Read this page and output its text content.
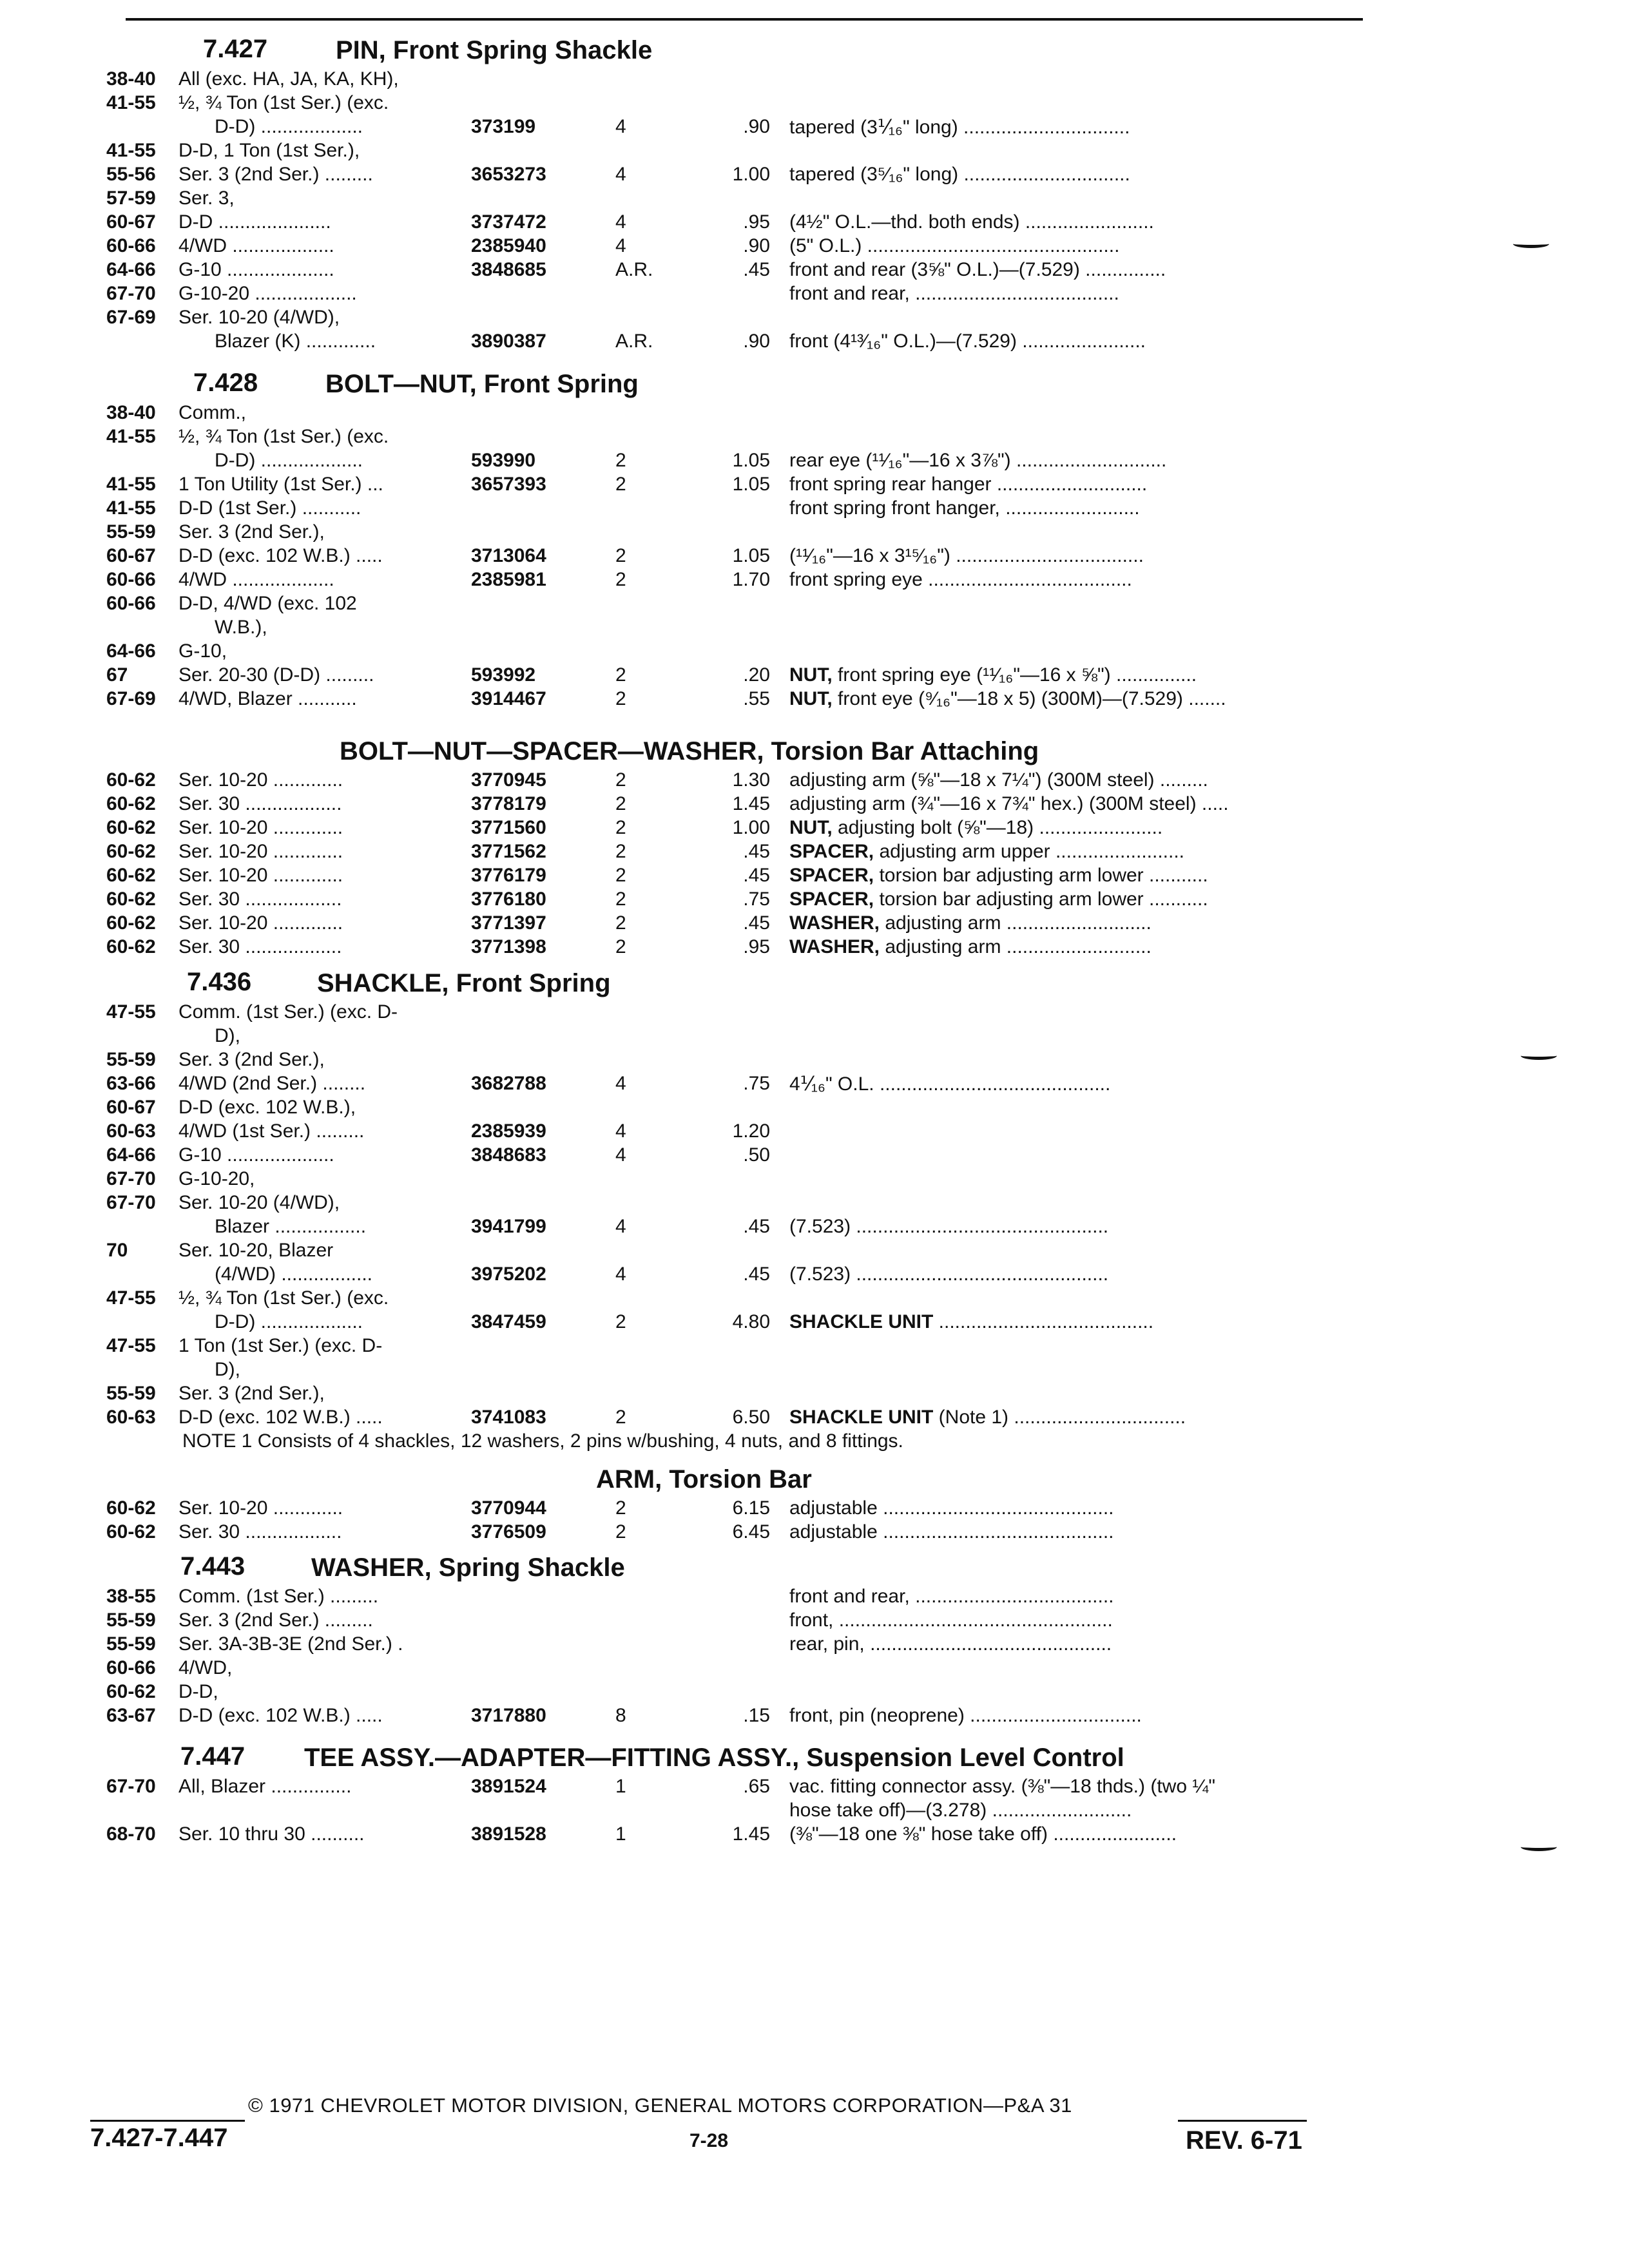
7.427	PIN, Front Spring Shackle
38-40 All (exc. HA, JA, KA, KH),
41-55 ½, ¾ Ton (1st Ser.) (exc.
D-D) ...................	373199	4	.90 tapered (3⅟₁₆" long) ...............................
41-55 D-D, 1 Ton (1st Ser.),
55-56 Ser. 3 (2nd Ser.) .........	3653273	4	1.00 tapered (3⁵⁄₁₆" long) ...............................
57-59 Ser. 3,
60-67 D-D .....................	3737472	4	.95 (4½" O.L.—thd. both ends) ........................
60-66 4/WD ...................	2385940	4	.90 (5" O.L.) ...............................................
64-66 G-10 ....................	3848685	A.R.	.45 front and rear (3⅝" O.L.)—(7.529) ...............
67-70 G-10-20 ...................	front and rear, ......................................
67-69 Ser. 10-20 (4/WD),
Blazer (K) .............	3890387	A.R.	.90 front (4¹³⁄₁₆" O.L.)—(7.529) .......................
7.428	BOLT—NUT, Front Spring
38-40 Comm.,
41-55 ½, ¾ Ton (1st Ser.) (exc.
D-D) ...................	593990	2	1.05 rear eye (¹¹⁄₁₆"—16 x 3⅞") ............................
41-55 1 Ton Utility (1st Ser.) ...	3657393	2	1.05 front spring rear hanger ............................
41-55 D-D (1st Ser.) ...........	front spring front hanger, .........................
55-59 Ser. 3 (2nd Ser.),
60-67 D-D (exc. 102 W.B.) .....	3713064	2	1.05 (¹¹⁄₁₆"—16 x 3¹⁵⁄₁₆") ...................................
60-66 4/WD ...................	2385981	2	1.70 front spring eye ......................................
60-66 D-D, 4/WD (exc. 102
W.B.),
64-66 G-10,
67	Ser. 20-30 (D-D) .........	593992	2	.20 NUT, front spring eye (¹¹⁄₁₆"—16 x ⅝") ...............
67-69 4/WD, Blazer ...........	3914467	2	.55 NUT, front eye (⁹⁄₁₆"—18 x 5) (300M)—(7.529) .......
BOLT—NUT—SPACER—WASHER, Torsion Bar Attaching
60-62 Ser. 10-20 .............	3770945	2	1.30 adjusting arm (⅝"—18 x 7¼") (300M steel) .........
60-62 Ser. 30 ..................	3778179	2	1.45 adjusting arm (¾"—16 x 7¾" hex.) (300M steel) .....
60-62 Ser. 10-20 .............	3771560	2	1.00 NUT, adjusting bolt (⅝"—18) .......................
60-62 Ser. 10-20 .............	3771562	2	.45 SPACER, adjusting arm upper ........................
60-62 Ser. 10-20 .............	3776179	2	.45 SPACER, torsion bar adjusting arm lower ...........
60-62 Ser. 30 ..................	3776180	2	.75 SPACER, torsion bar adjusting arm lower ...........
60-62 Ser. 10-20 .............	3771397	2	.45 WASHER, adjusting arm ...........................
60-62 Ser. 30 ..................	3771398	2	.95 WASHER, adjusting arm ...........................
7.436	SHACKLE, Front Spring
47-55 Comm. (1st Ser.) (exc. D-
D),
55-59 Ser. 3 (2nd Ser.),
63-66 4/WD (2nd Ser.) ........	3682788	4	.75 4⅟₁₆" O.L. ...........................................
60-67 D-D (exc. 102 W.B.),
60-63 4/WD (1st Ser.) .........	2385939	4	1.20
64-66 G-10 ....................	3848683	4	.50
67-70 G-10-20,
67-70 Ser. 10-20 (4/WD),
Blazer .................	3941799	4	.45 (7.523) ...............................................
70	Ser. 10-20, Blazer
(4/WD) .................	3975202	4	.45 (7.523) ...............................................
47-55 ½, ¾ Ton (1st Ser.) (exc.
D-D) ...................	3847459	2	4.80 SHACKLE UNIT ........................................
47-55 1 Ton (1st Ser.) (exc. D-
D),
55-59 Ser. 3 (2nd Ser.),
60-63 D-D (exc. 102 W.B.) .....	3741083	2	6.50 SHACKLE UNIT (Note 1) ................................
NOTE 1 Consists of 4 shackles, 12 washers, 2 pins w/bushing, 4 nuts, and 8 fittings.
ARM, Torsion Bar
60-62 Ser. 10-20 .............	3770944	2	6.15 adjustable ...........................................
60-62 Ser. 30 ..................	3776509	2	6.45 adjustable ...........................................
7.443	WASHER, Spring Shackle
38-55 Comm. (1st Ser.) .........	front and rear, .....................................
55-59 Ser. 3 (2nd Ser.) .........	front, ...................................................
55-59 Ser. 3A-3B-3E (2nd Ser.) .	rear, pin, .............................................
60-66 4/WD,
60-62 D-D,
63-67 D-D (exc. 102 W.B.) .....	3717880	8	.15 front, pin (neoprene) ................................
7.447 TEE ASSY.—ADAPTER—FITTING ASSY., Suspension Level Control
67-70 All, Blazer ...............	3891524	1	.65 vac. fitting connector assy. (⅜"—18 thds.) (two ¼"
hose take off)—(3.278) ..........................
68-70 Ser. 10 thru 30 ..........	3891528	1	1.45 (⅜"—18 one ⅜" hose take off) .......................
© 1971 CHEVROLET MOTOR DIVISION, GENERAL MOTORS CORPORATION—P&A 31
7.427-7.447	7-28	REV. 6-71
